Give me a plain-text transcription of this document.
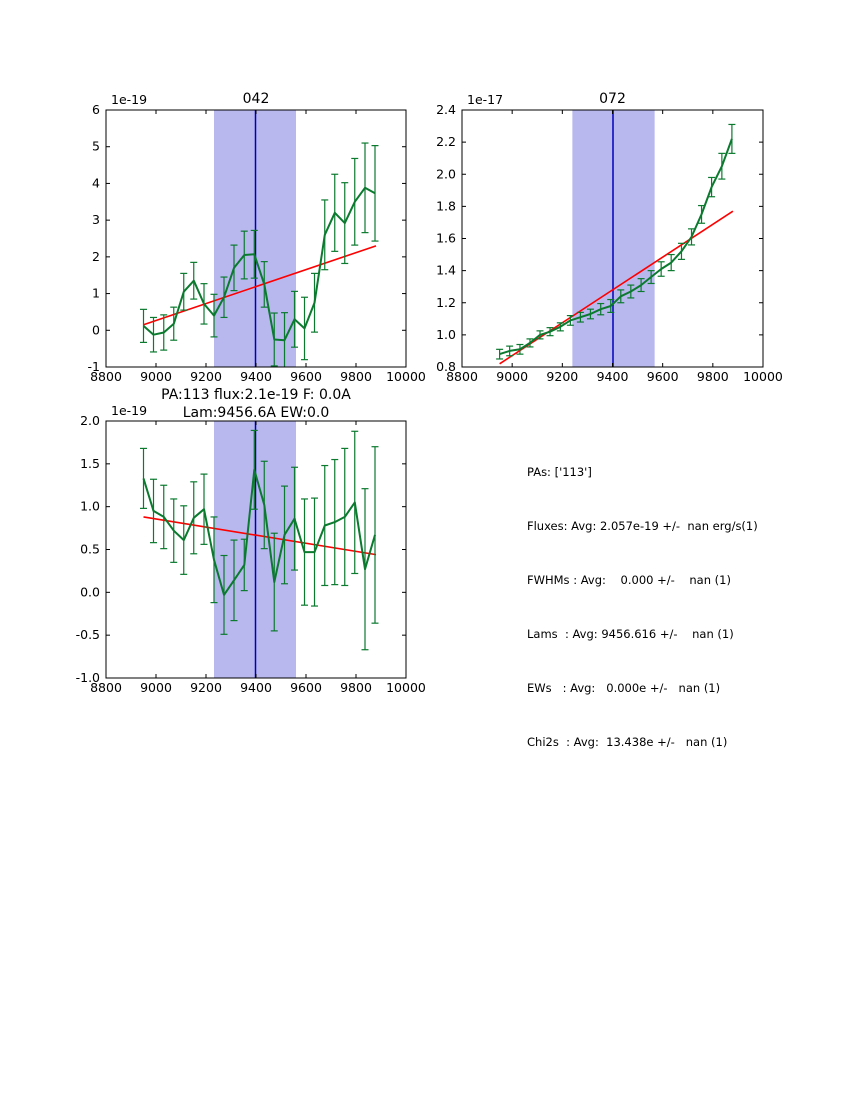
8800 9000 9200 9400 9600 9800 10000
-1
0
1
2
3
4
5
6
042
1e-19
8800 9000 9200 9400 9600 9800 10000
0.8
1.0
1.2
1.4
1.6
1.8
2.0
2.2
2.4
072
1e-17
8800 9000 9200 9400 9600 9800 10000
-1.0
-0.5
0.0
0.5
1.0
1.5
2.0
PA:113 flux:2.1e-19 F: 0.0A
Lam:9456.6A EW:0.0
1e-19

PAs: ['113']

Fluxes: Avg: 2.057e-19 +/-  nan erg/s(1)

FWHMs : Avg:    0.000 +/-    nan (1)

Lams  : Avg: 9456.616 +/-    nan (1)

EWs   : Avg:   0.000e +/-   nan (1)

Chi2s  : Avg:  13.438e +/-   nan (1)
